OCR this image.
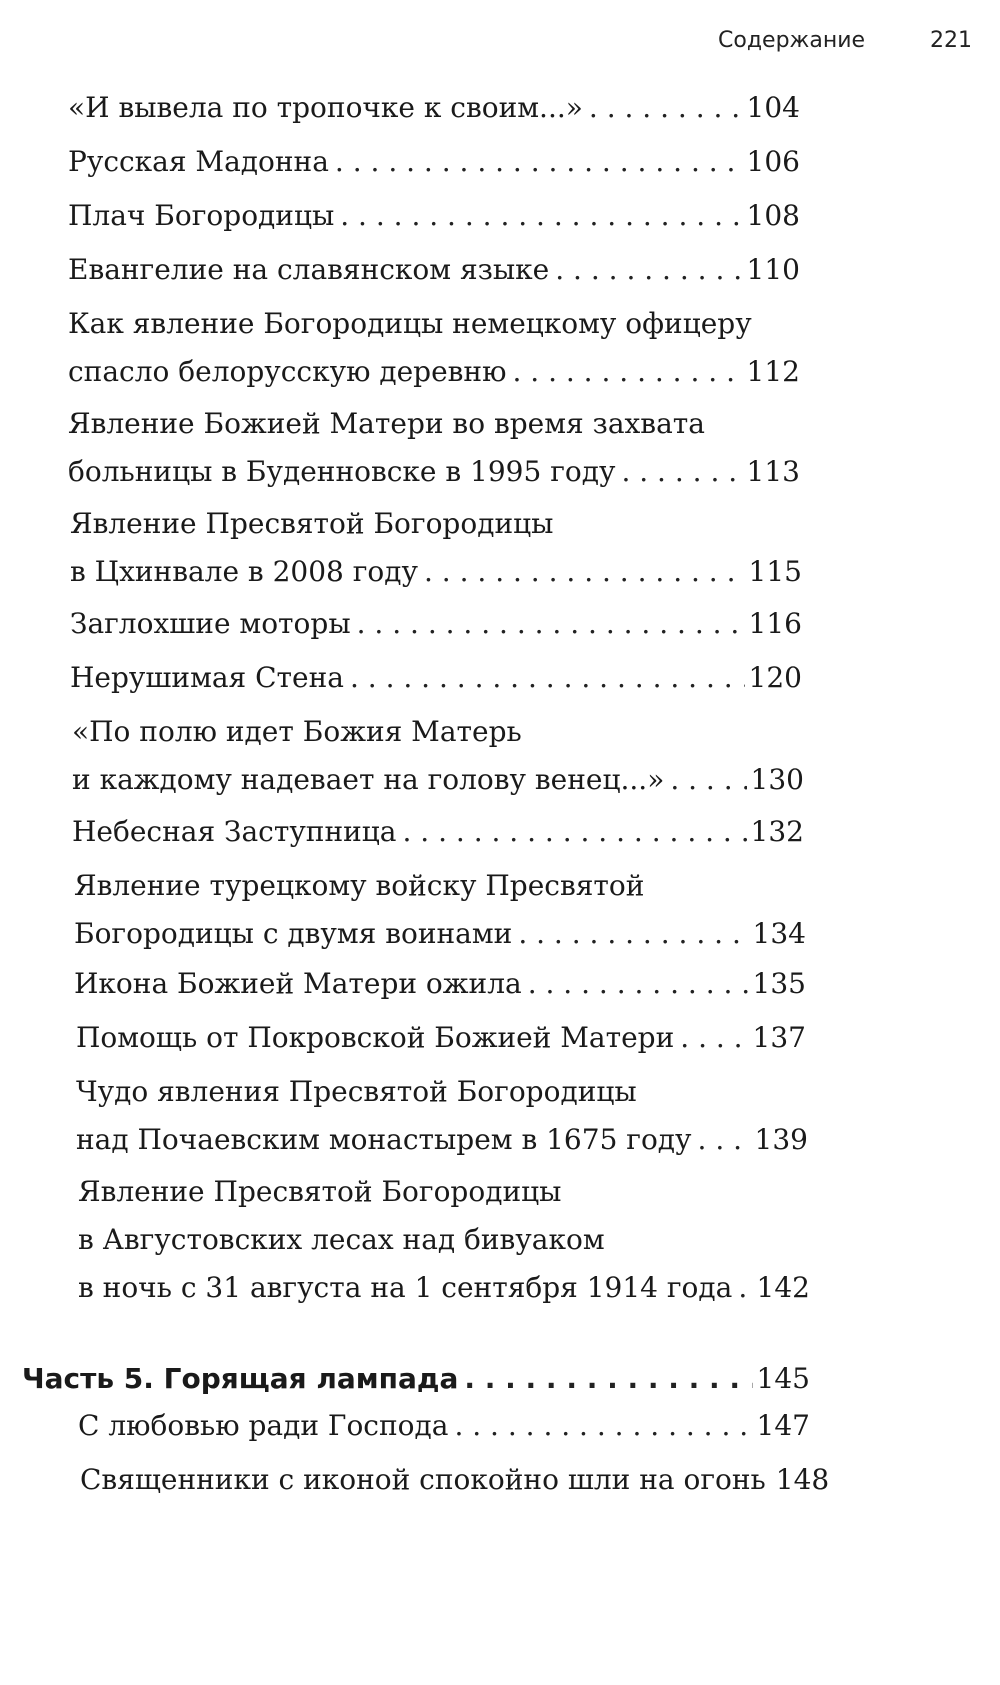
Содержание	221
«И вывела по тропочке к своим...» . . .	104
Русская Мадонна . . .	106
Плач Богородицы . . .	108
Евангелие на славянском языке . . .	110
Как явление Богородицы немецкому офицеру
спасло белорусскую деревню . . .	112
Явление Божией Матери во время захвата
больницы в Буденновске в 1995 году . . .	113
Явление Пресвятой Богородицы
в Цхинвале в 2008 году . . .	115
Заглохшие моторы . . .	116
Нерушимая Стена . . .	120
«По полю идет Божия Матерь
и каждому надевает на голову венец...» . . .	130
Небесная Заступница . . .	132
Явление турецкому войску Пресвятой
Богородицы с двумя воинами . . .	134
Икона Божией Матери ожила . . .	135
Помощь от Покровской Божией Матери . . .	137
Чудо явления Пресвятой Богородицы
над Почаевским монастырем в 1675 году . . . 139
Явление Пресвятой Богородицы
в Августовских лесах над бивуаком
в ночь с 31 августа на 1 сентября 1914 года . . . 142
Часть 5. Горящая лампада . . .	145
С любовью ради Господа . . .	147
Священники с иконой спокойно шли на огонь 148
